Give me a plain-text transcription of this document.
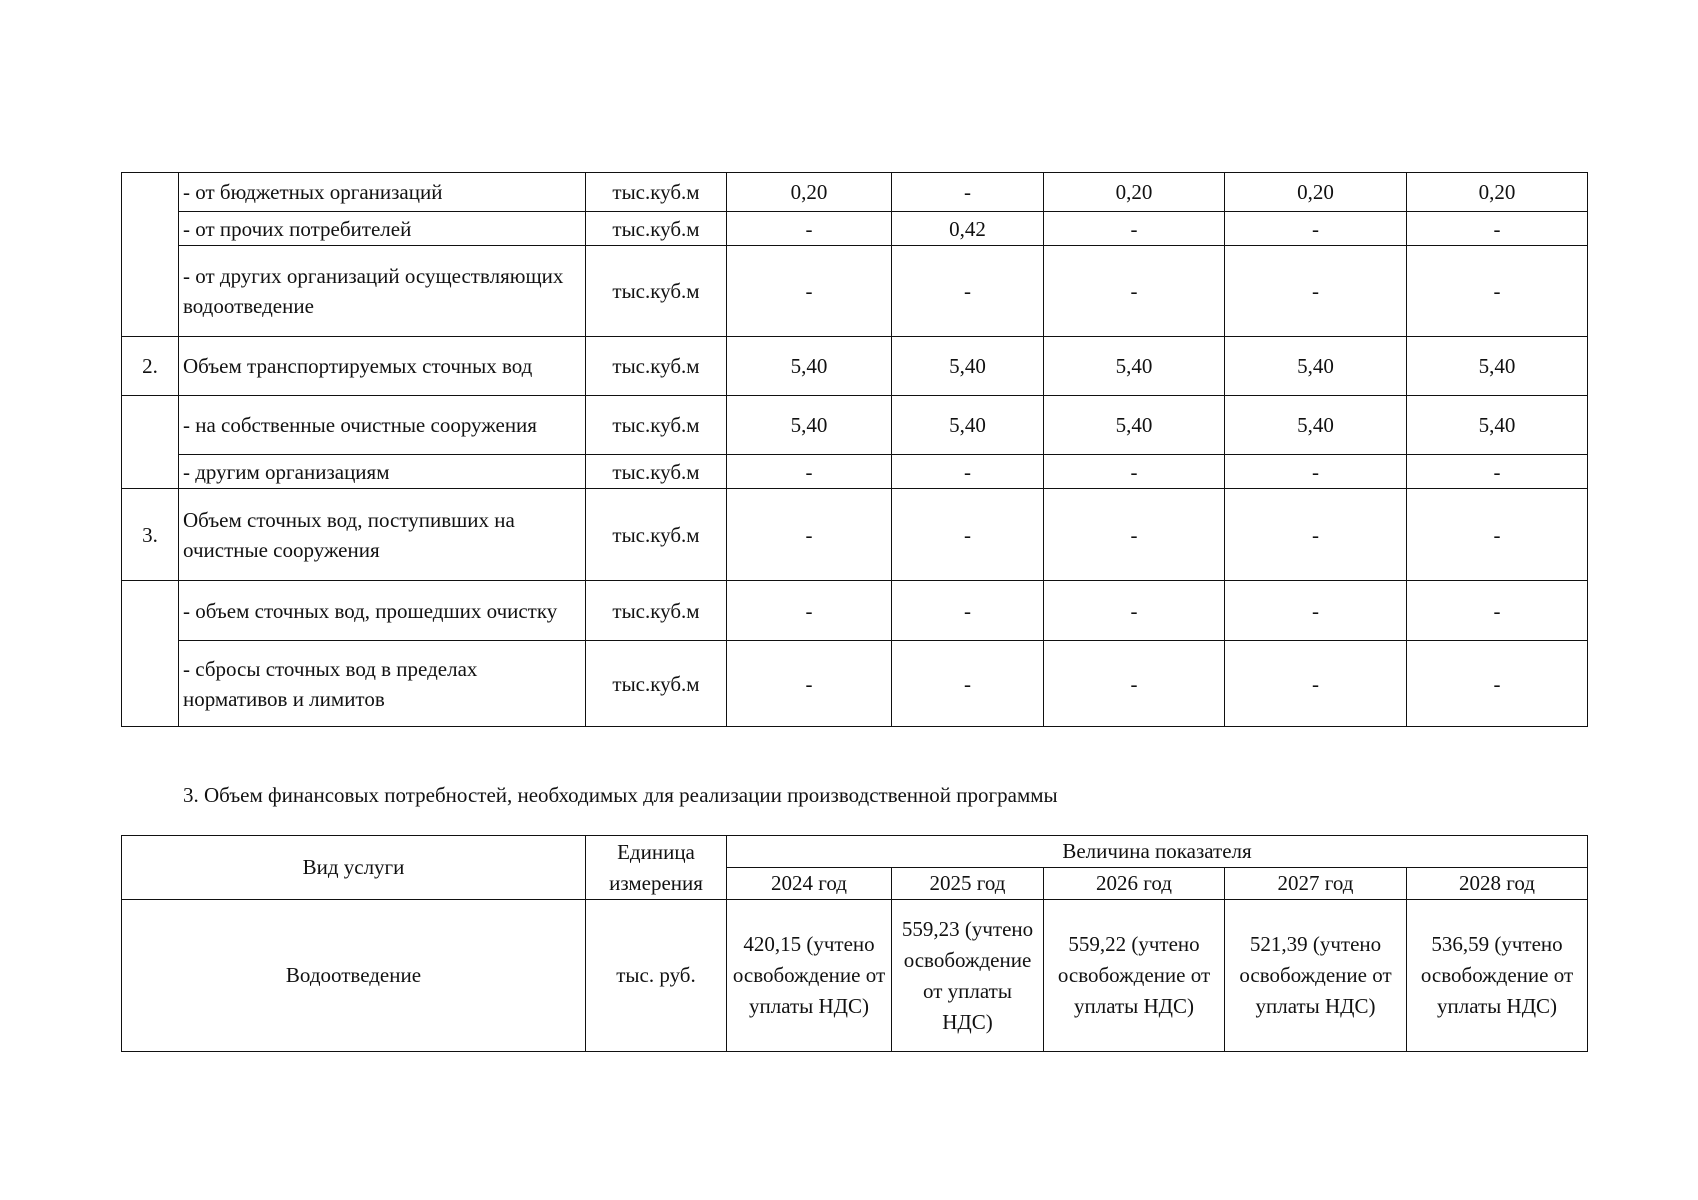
	- от бюджетных организаций	тыс.куб.м	0,20	-	0,20	0,20	0,20
	- от прочих потребителей	тыс.куб.м	-	0,42	-	-	-
	- от других организаций осуществляющих водоотведение	тыс.куб.м	-	-	-	-	-
2.	Объем транспортируемых сточных вод	тыс.куб.м	5,40	5,40	5,40	5,40	5,40
	- на собственные очистные сооружения	тыс.куб.м	5,40	5,40	5,40	5,40	5,40
	- другим организациям	тыс.куб.м	-	-	-	-	-
3.	Объем сточных вод, поступивших на очистные сооружения	тыс.куб.м	-	-	-	-	-
	- объем сточных вод, прошедших очистку	тыс.куб.м	-	-	-	-	-
	- сбросы сточных вод в пределах нормативов и лимитов	тыс.куб.м	-	-	-	-	-
3. Объем финансовых потребностей, необходимых для реализации производственной программы
Вид услуги	Единица измерения	Величина показателя				
		2024 год	2025 год	2026 год	2027 год	2028 год
Водоотведение	тыс. руб.	420,15 (учтено освобождение от уплаты НДС)	559,23 (учтено освобождение от уплаты НДС)	559,22 (учтено освобождение от уплаты НДС)	521,39 (учтено освобождение от уплаты НДС)	536,59 (учтено освобождение от уплаты НДС)
